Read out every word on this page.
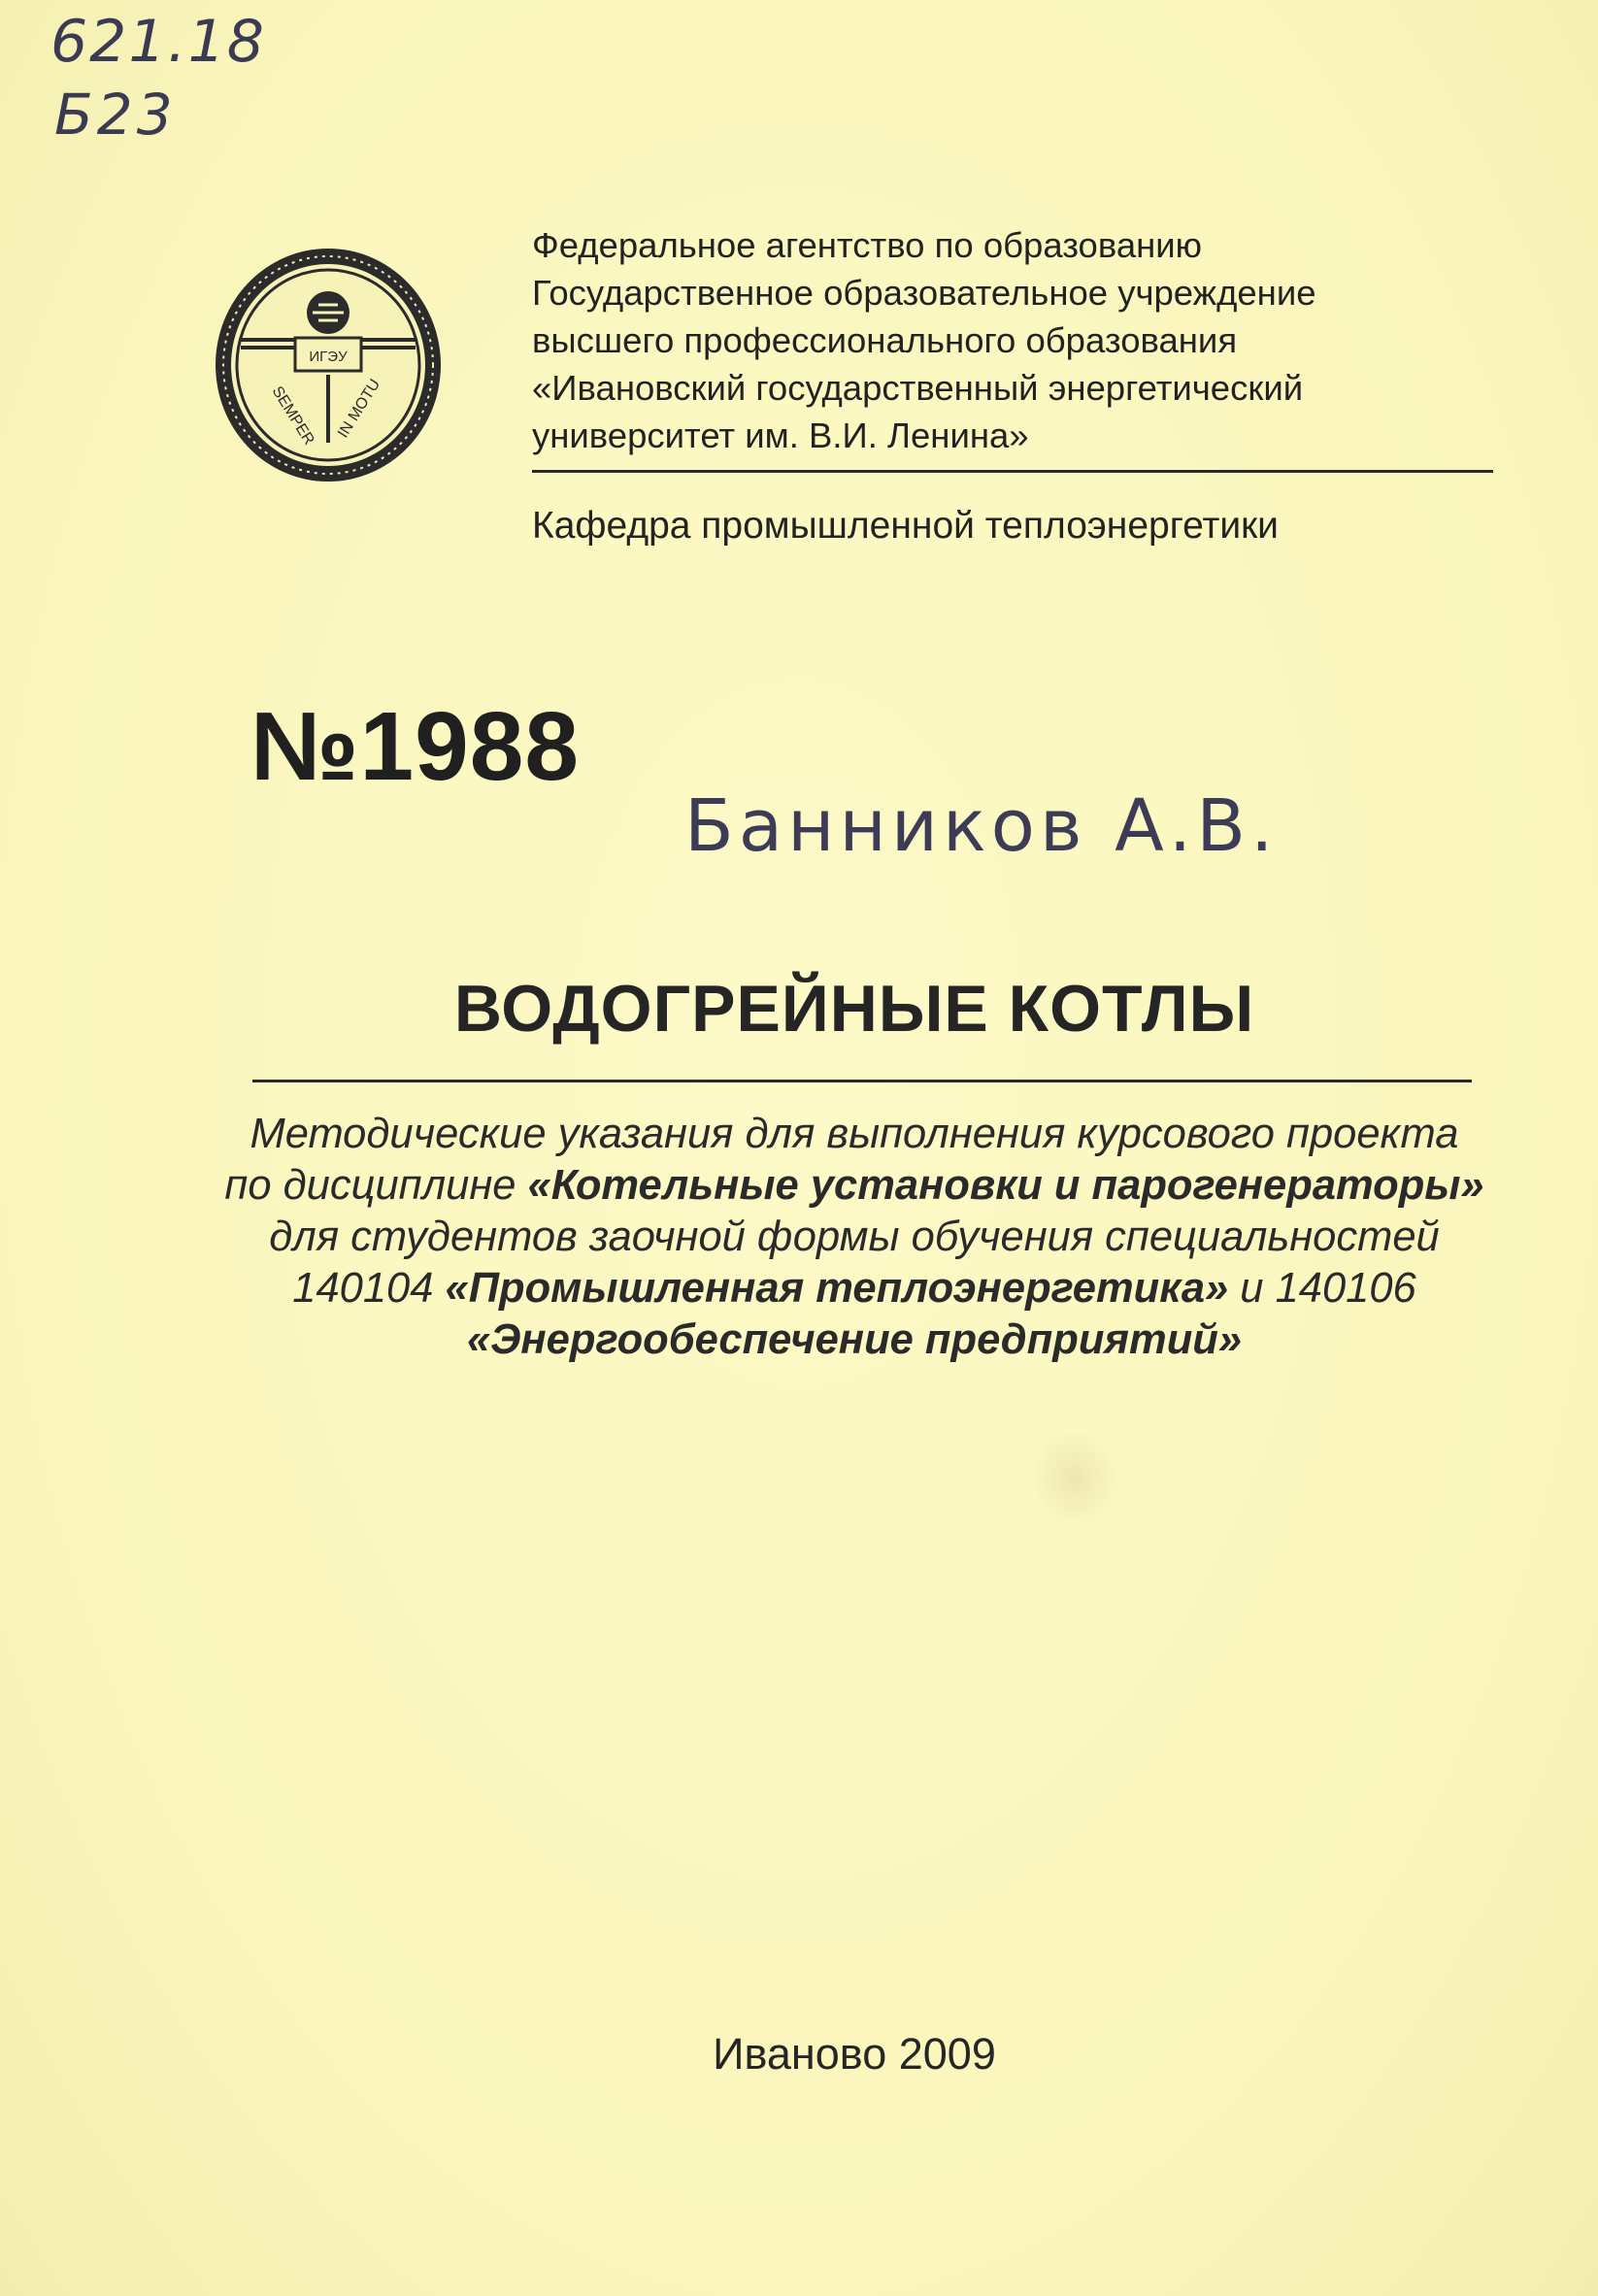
621.18
Б23
ИГЭУ
SEMPER IN MOTU
Федеральное агентство по образованию
Государственное образовательное учреждение
высшего профессионального образования
«Ивановский государственный энергетический
университет им. В.И. Ленина»
Кафедра промышленной теплоэнергетики
№1988
Банников А.В.
ВОДОГРЕЙНЫЕ КОТЛЫ
Методические указания для выполнения курсового проекта по дисциплине «Котельные установки и парогенераторы» для студентов заочной формы обучения специальностей 140104 «Промышленная теплоэнергетика» и 140106 «Энергообеспечение предприятий»
Иваново 2009
